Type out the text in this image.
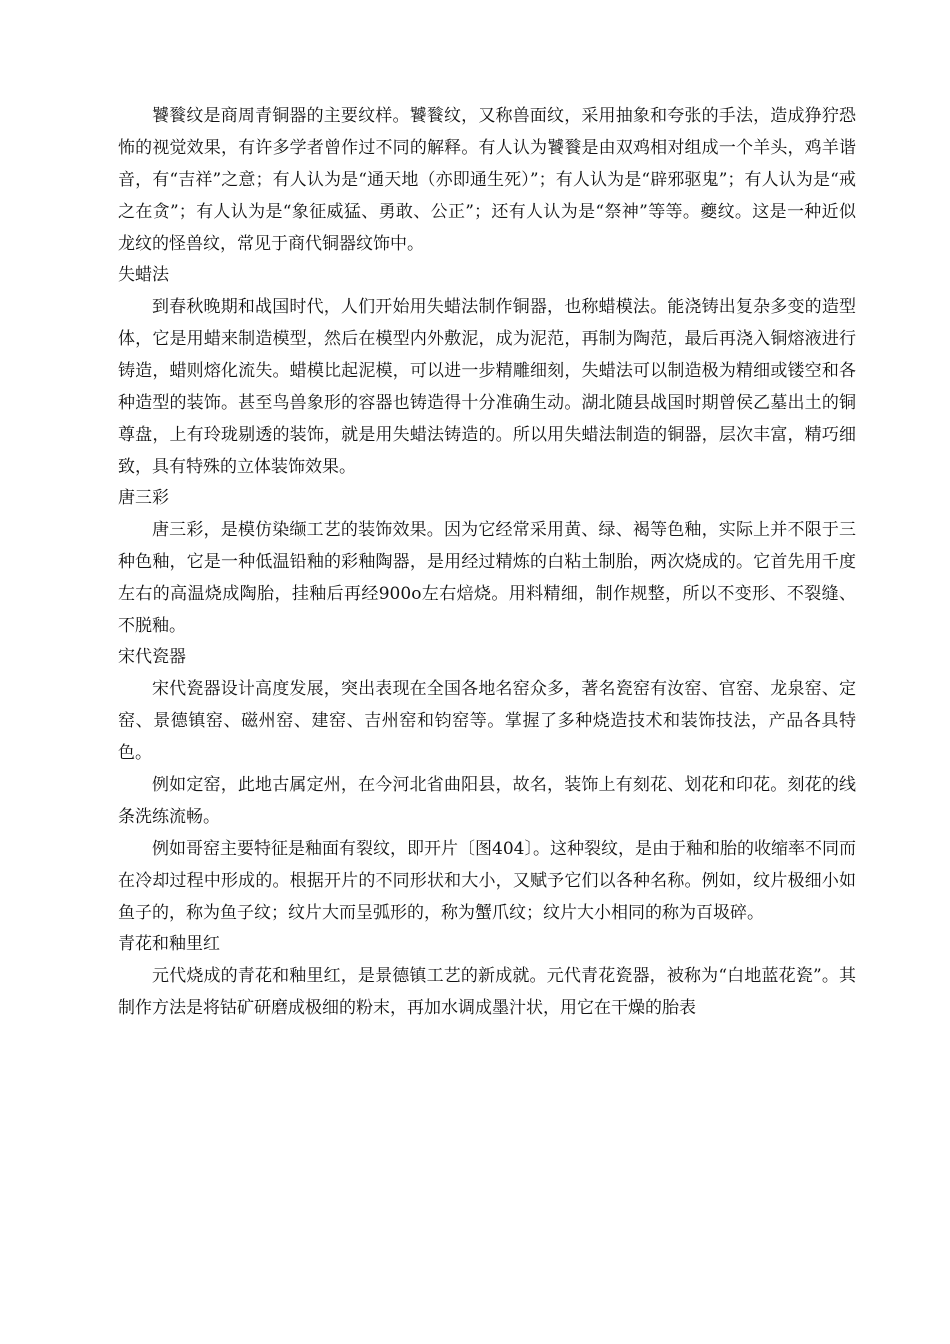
饕餮纹是商周青铜器的主要纹样。饕餮纹，又称兽面纹，采用抽象和夸张的手法，造成狰狞恐怖的视觉效果，有许多学者曾作过不同的解释。有人认为饕餮是由双鸡相对组成一个羊头，鸡羊谐音，有“吉祥”之意；有人认为是“通天地（亦即通生死）”；有人认为是“辟邪驱鬼”；有人认为是“戒之在贪”；有人认为是“象征威猛、勇敢、公正”；还有人认为是“祭神”等等。夔纹。这是一种近似龙纹的怪兽纹，常见于商代铜器纹饰中。

失蜡法

到春秋晚期和战国时代，人们开始用失蜡法制作铜器，也称蜡模法。能浇铸出复杂多变的造型体，它是用蜡来制造模型，然后在模型内外敷泥，成为泥范，再制为陶范，最后再浇入铜熔液进行铸造，蜡则熔化流失。蜡模比起泥模，可以进一步精雕细刻，失蜡法可以制造极为精细或镂空和各种造型的装饰。甚至鸟兽象形的容器也铸造得十分准确生动。湖北随县战国时期曾侯乙墓出土的铜尊盘，上有玲珑剔透的装饰，就是用失蜡法铸造的。所以用失蜡法制造的铜器，层次丰富，精巧细致，具有特殊的立体装饰效果。

唐三彩

唐三彩，是模仿染缬工艺的装饰效果。因为它经常采用黄、绿、褐等色釉，实际上并不限于三种色釉，它是一种低温铅釉的彩釉陶器，是用经过精炼的白粘土制胎，两次烧成的。它首先用千度左右的高温烧成陶胎，挂釉后再经900o左右焙烧。用料精细，制作规整，所以不变形、不裂缝、不脱釉。

宋代瓷器

宋代瓷器设计高度发展，突出表现在全国各地名窑众多，著名瓷窑有汝窑、官窑、龙泉窑、定窑、景德镇窑、磁州窑、建窑、吉州窑和钧窑等。掌握了多种烧造技术和装饰技法，产品各具特色。

例如定窑，此地古属定州，在今河北省曲阳县，故名，装饰上有刻花、划花和印花。刻花的线条洗练流畅。

例如哥窑主要特征是釉面有裂纹，即开片〔图404〕。这种裂纹，是由于釉和胎的收缩率不同而在冷却过程中形成的。根据开片的不同形状和大小，又赋予它们以各种名称。例如，纹片极细小如鱼子的，称为鱼子纹；纹片大而呈弧形的，称为蟹爪纹；纹片大小相同的称为百圾碎。

青花和釉里红

元代烧成的青花和釉里红，是景德镇工艺的新成就。元代青花瓷器，被称为“白地蓝花瓷”。其制作方法是将钴矿研磨成极细的粉末，再加水调成墨汁状，用它在干燥的胎表
